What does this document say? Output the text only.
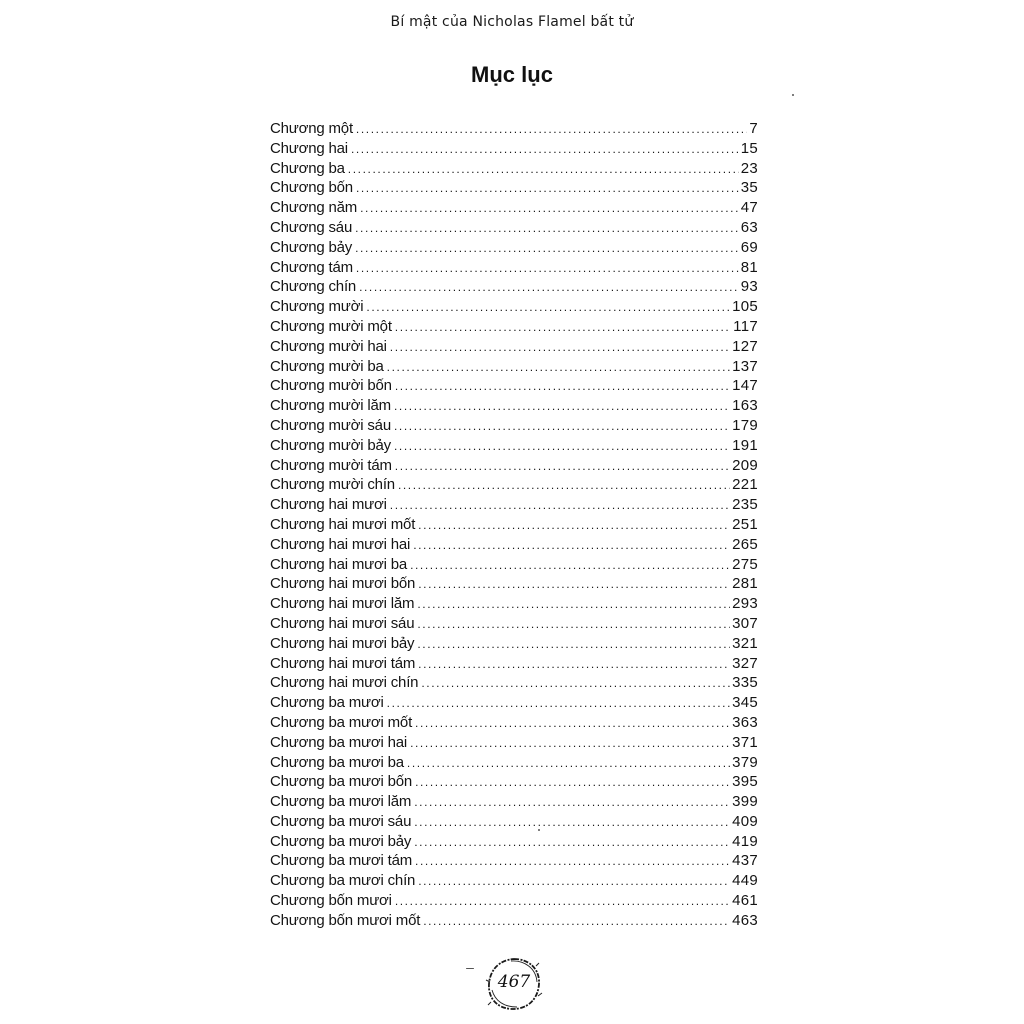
Bí mật của Nicholas Flamel bất tử
Mục lục
Chương một .....	7
Chương hai .....	15
Chương ba .....	23
Chương bốn .....	35
Chương năm .....	47
Chương sáu .....	63
Chương bảy .....	69
Chương tám .....	81
Chương chín .....	93
Chương mười .....	105
Chương mười một .....	117
Chương mười hai .....	127
Chương mười ba .....	137
Chương mười bốn .....	147
Chương mười lăm .....	163
Chương mười sáu .....	179
Chương mười bảy .....	191
Chương mười tám .....	209
Chương mười chín .....	221
Chương hai mươi .....	235
Chương hai mươi mốt .....	251
Chương hai mươi hai .....	265
Chương hai mươi ba .....	275
Chương hai mươi bốn .....	281
Chương hai mươi lăm .....	293
Chương hai mươi sáu .....	307
Chương hai mươi bảy .....	321
Chương hai mươi tám .....	327
Chương hai mươi chín .....	335
Chương ba mươi .....	345
Chương ba mươi mốt .....	363
Chương ba mươi hai .....	371
Chương ba mươi ba .....	379
Chương ba mươi bốn .....	395
Chương ba mươi lăm .....	399
Chương ba mươi sáu .....	409
Chương ba mươi bảy .....	419
Chương ba mươi tám .....	437
Chương ba mươi chín .....	449
Chương bốn mươi .....	461
Chương bốn mươi mốt .....	463
467
